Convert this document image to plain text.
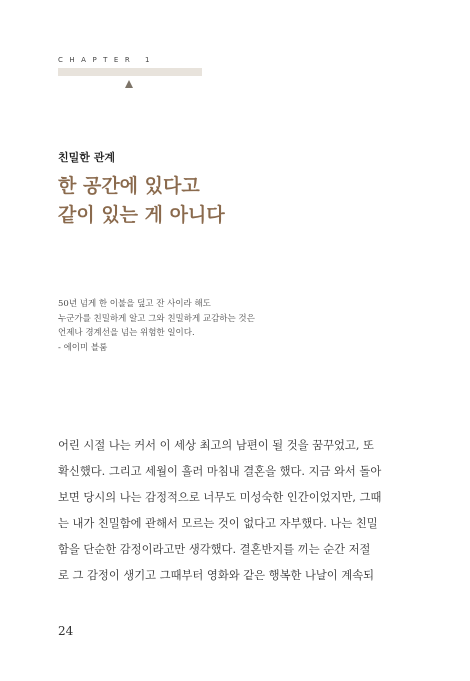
CHAPTER 1
친밀한 관계
한 공간에 있다고
같이 있는 게 아니다
50년 넘게 한 이불을 덮고 잔 사이라 해도
누군가를 친밀하게 알고 그와 친밀하게 교감하는 것은
언제나 경계선을 넘는 위험한 일이다.
- 에이미 블룸
어린 시절 나는 커서 이 세상 최고의 남편이 될 것을 꿈꾸었고, 또
확신했다. 그리고 세월이 흘러 마침내 결혼을 했다. 지금 와서 돌아
보면 당시의 나는 감정적으로 너무도 미성숙한 인간이었지만, 그때
는 내가 친밀함에 관해서 모르는 것이 없다고 자부했다. 나는 친밀
함을 단순한 감정이라고만 생각했다. 결혼반지를 끼는 순간 저절
로 그 감정이 생기고 그때부터 영화와 같은 행복한 나날이 계속되
24
